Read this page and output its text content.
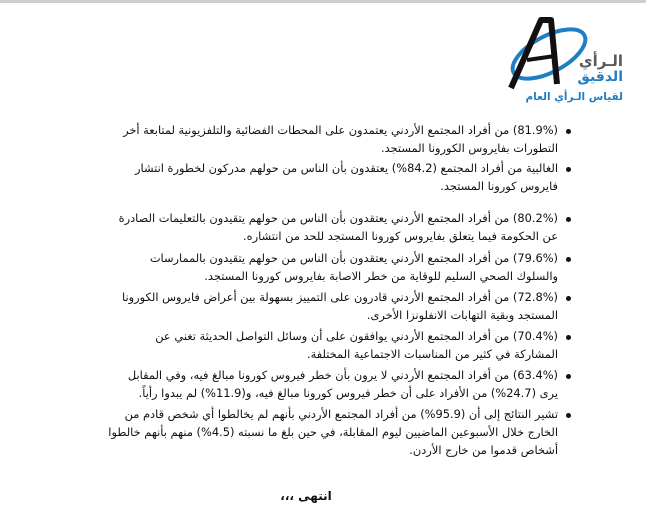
الـرأي
الدقيق
لقياس الـرأي العام
(81.9%) من أفراد المجتمع الأردني يعتمدون على المحطات الفضائية والتلفزيونية لمتابعة أخر التطورات بفايروس الكورونا المستجد.
الغالبية من أفراد المجتمع (84.2%) يعتقدون بأن الناس من حولهم مدركون لخطورة انتشار فايروس كورونا المستجد.
(80.2%) من أفراد المجتمع الأردني يعتقدون بأن الناس من حولهم يتقيدون بالتعليمات الصادرة عن الحكومة فيما يتعلق بفايروس كورونا المستجد للحد من انتشاره.
(79.6%) من أفراد المجتمع الأردني يعتقدون بأن الناس من حولهم يتقيدون بالممارسات والسلوك الصحي السليم للوقاية من خطر الاصابة بفايروس كورونا المستجد.
(72.8%) من أفراد المجتمع الأردني قادرون على التمييز بسهولة بين أعراض فايروس الكورونا المستجد وبقية التهابات الانفلونزا الأخرى.
(70.4%) من أفراد المجتمع الأردني يوافقون على أن وسائل التواصل الحديثة تغني عن المشاركة في كثير من المناسبات الاجتماعية المختلفة.
(63.4%) من أفراد المجتمع الأردني لا يرون بأن خطر فيروس كورونا مبالغ فيه، وفي المقابل يرى (24.7%) من الأفراد على أن خطر فيروس كورونا مبالغ فيه، و(11.9%) لم يبدوا رأياً.
تشير النتائج إلى أن (95.9%) من أفراد المجتمع الأردني بأنهم لم يخالطوا أي شخص قادم من الخارج خلال الأسبوعين الماضيين ليوم المقابلة، في حين بلغ ما نسبته (4.5%) منهم بأنهم خالطوا أشخاص قدموا من خارج الأردن.
انتهى ،،،
